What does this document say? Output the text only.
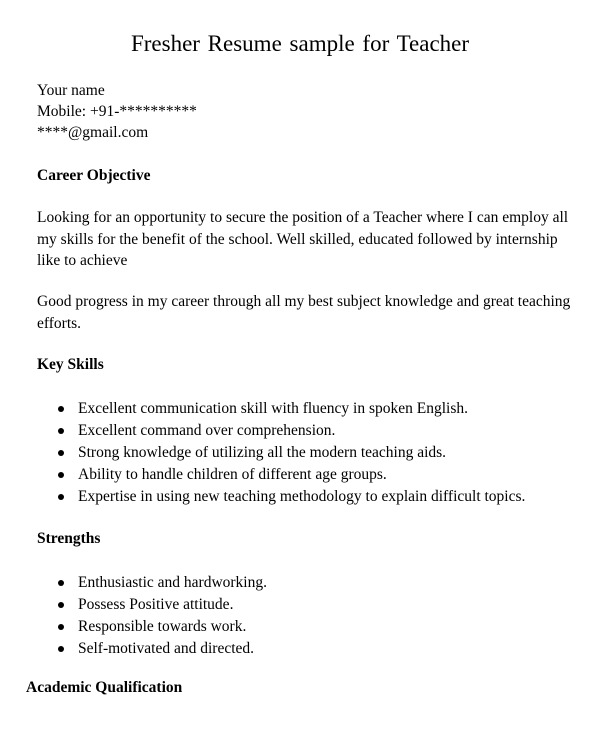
Fresher Resume sample for Teacher
Your name
Mobile: +91-**********
****@gmail.com
Career Objective
Looking for an opportunity to secure the position of a Teacher where I can employ all my skills for the benefit of the school. Well skilled, educated followed by internship like to achieve
Good progress in my career through all my best subject knowledge and great teaching efforts.
Key Skills
Excellent communication skill with fluency in spoken English.
Excellent command over comprehension.
Strong knowledge of utilizing all the modern teaching aids.
Ability to handle children of different age groups.
Expertise in using new teaching methodology to explain difficult topics.
Strengths
Enthusiastic and hardworking.
Possess Positive attitude.
Responsible towards work.
Self-motivated and directed.
Academic Qualification
